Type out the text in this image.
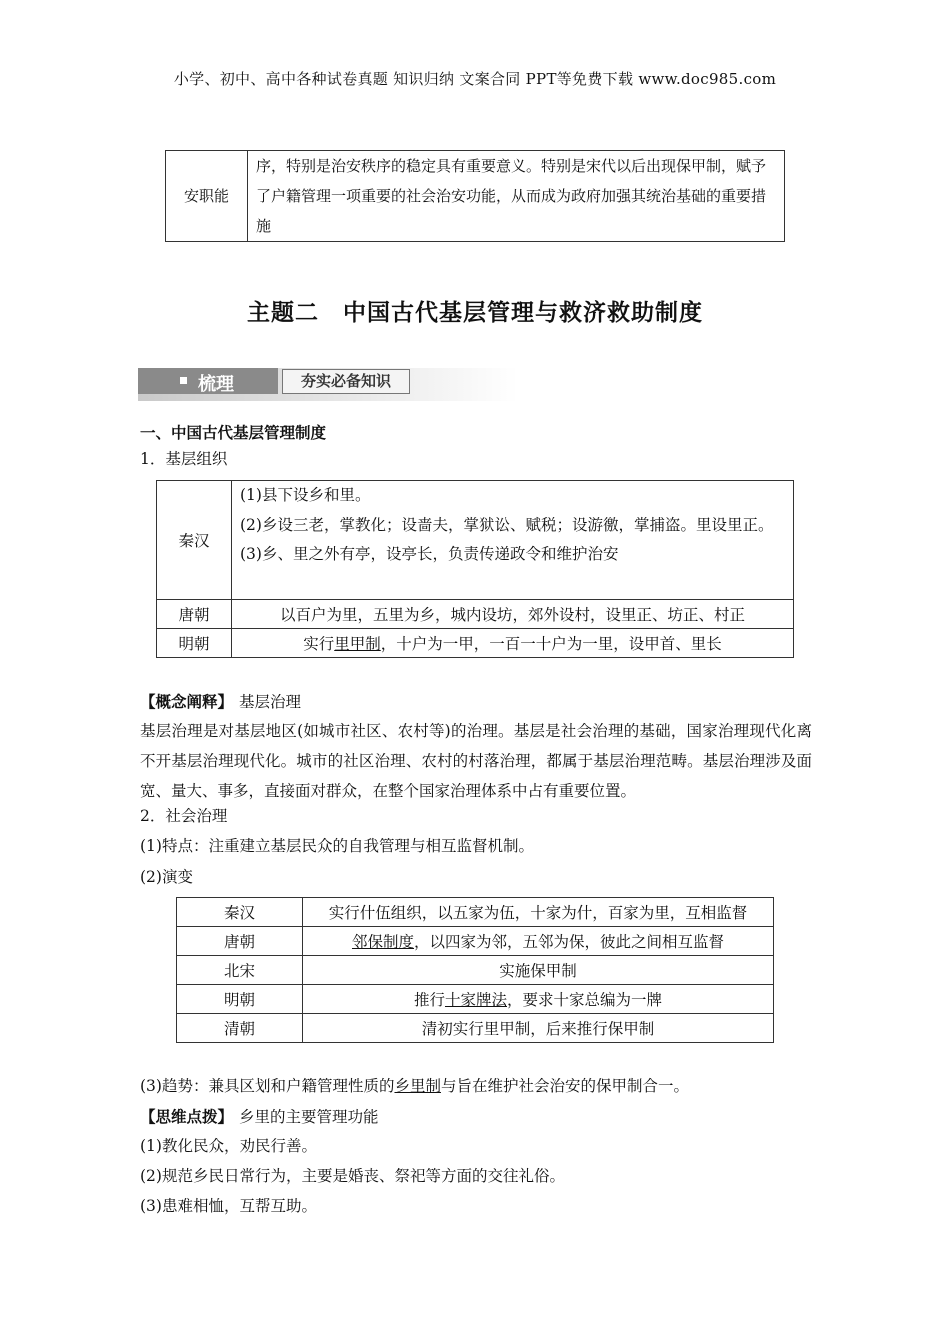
小学、初中、高中各种试卷真题 知识归纳 文案合同 PPT等免费下载 www.doc985.com
安职能	序，特别是治安秩序的稳定具有重要意义。特别是宋代以后出现保甲制，赋予了户籍管理一项重要的社会治安功能，从而成为政府加强其统治基础的重要措施
主题二　中国古代基层管理与救济救助制度
梳理	夯实必备知识
一、中国古代基层管理制度
1．基层组织
秦汉	(1)县下设乡和里。
(2)乡设三老，掌教化；设啬夫，掌狱讼、赋税；设游徼，掌捕盗。里设里正。
(3)乡、里之外有亭，设亭长，负责传递政令和维护治安

唐朝	以百户为里，五里为乡，城内设坊，郊外设村，设里正、坊正、村正
明朝	实行里甲制，十户为一甲，一百一十户为一里，设甲首、里长
【概念阐释】 基层治理
基层治理是对基层地区(如城市社区、农村等)的治理。基层是社会治理的基础，国家治理现代化离不开基层治理现代化。城市的社区治理、农村的村落治理，都属于基层治理范畴。基层治理涉及面宽、量大、事多，直接面对群众，在整个国家治理体系中占有重要位置。
2．社会治理
(1)特点：注重建立基层民众的自我管理与相互监督机制。
(2)演变
秦汉	实行什伍组织，以五家为伍，十家为什，百家为里，互相监督
唐朝	邻保制度，以四家为邻，五邻为保，彼此之间相互监督
北宋	实施保甲制
明朝	推行十家牌法，要求十家总编为一牌
清朝	清初实行里甲制，后来推行保甲制
(3)趋势：兼具区划和户籍管理性质的乡里制与旨在维护社会治安的保甲制合一。
【思维点拨】 乡里的主要管理功能
(1)教化民众，劝民行善。
(2)规范乡民日常行为，主要是婚丧、祭祀等方面的交往礼俗。
(3)患难相恤，互帮互助。
